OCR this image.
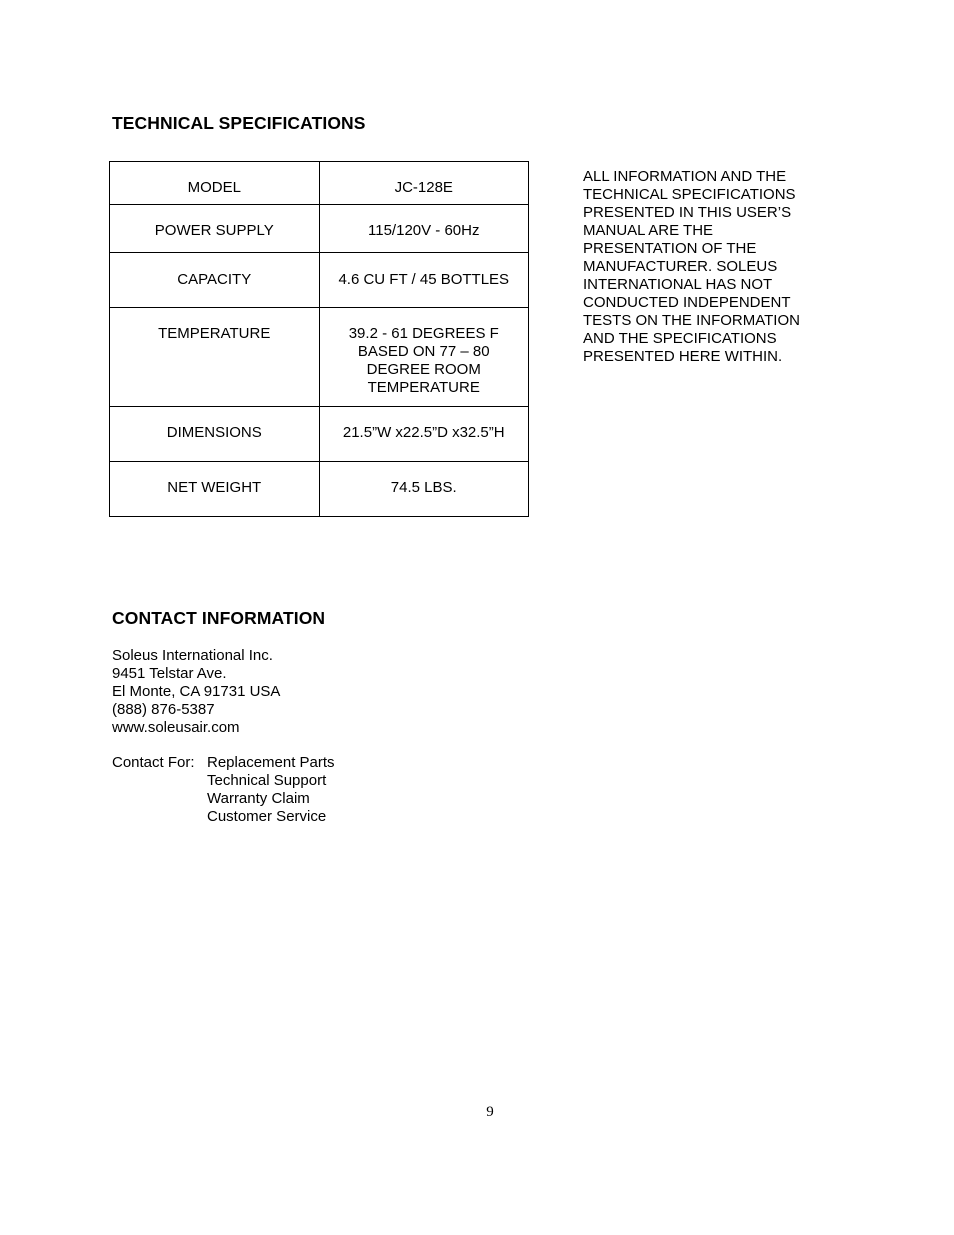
TECHNICAL SPECIFICATIONS
MODEL	JC-128E
POWER SUPPLY	115/120V - 60Hz
CAPACITY	4.6 CU FT / 45 BOTTLES
TEMPERATURE	39.2 - 61 DEGREES F
BASED ON 77 – 80
DEGREE ROOM
TEMPERATURE
DIMENSIONS	21.5”W x22.5”D x32.5”H
NET WEIGHT	74.5 LBS.

ALL INFORMATION AND THE
TECHNICAL SPECIFICATIONS
PRESENTED IN THIS USER’S
MANUAL ARE THE
PRESENTATION OF THE
MANUFACTURER. SOLEUS
INTERNATIONAL HAS NOT
CONDUCTED INDEPENDENT
TESTS ON THE INFORMATION
AND THE SPECIFICATIONS
PRESENTED HERE WITHIN.

CONTACT INFORMATION
Soleus International Inc.
9451 Telstar Ave.
El Monte, CA 91731 USA
(888) 876-5387
www.soleusair.com
Contact For: Replacement Parts
Technical Support
Warranty Claim
Customer Service
9
